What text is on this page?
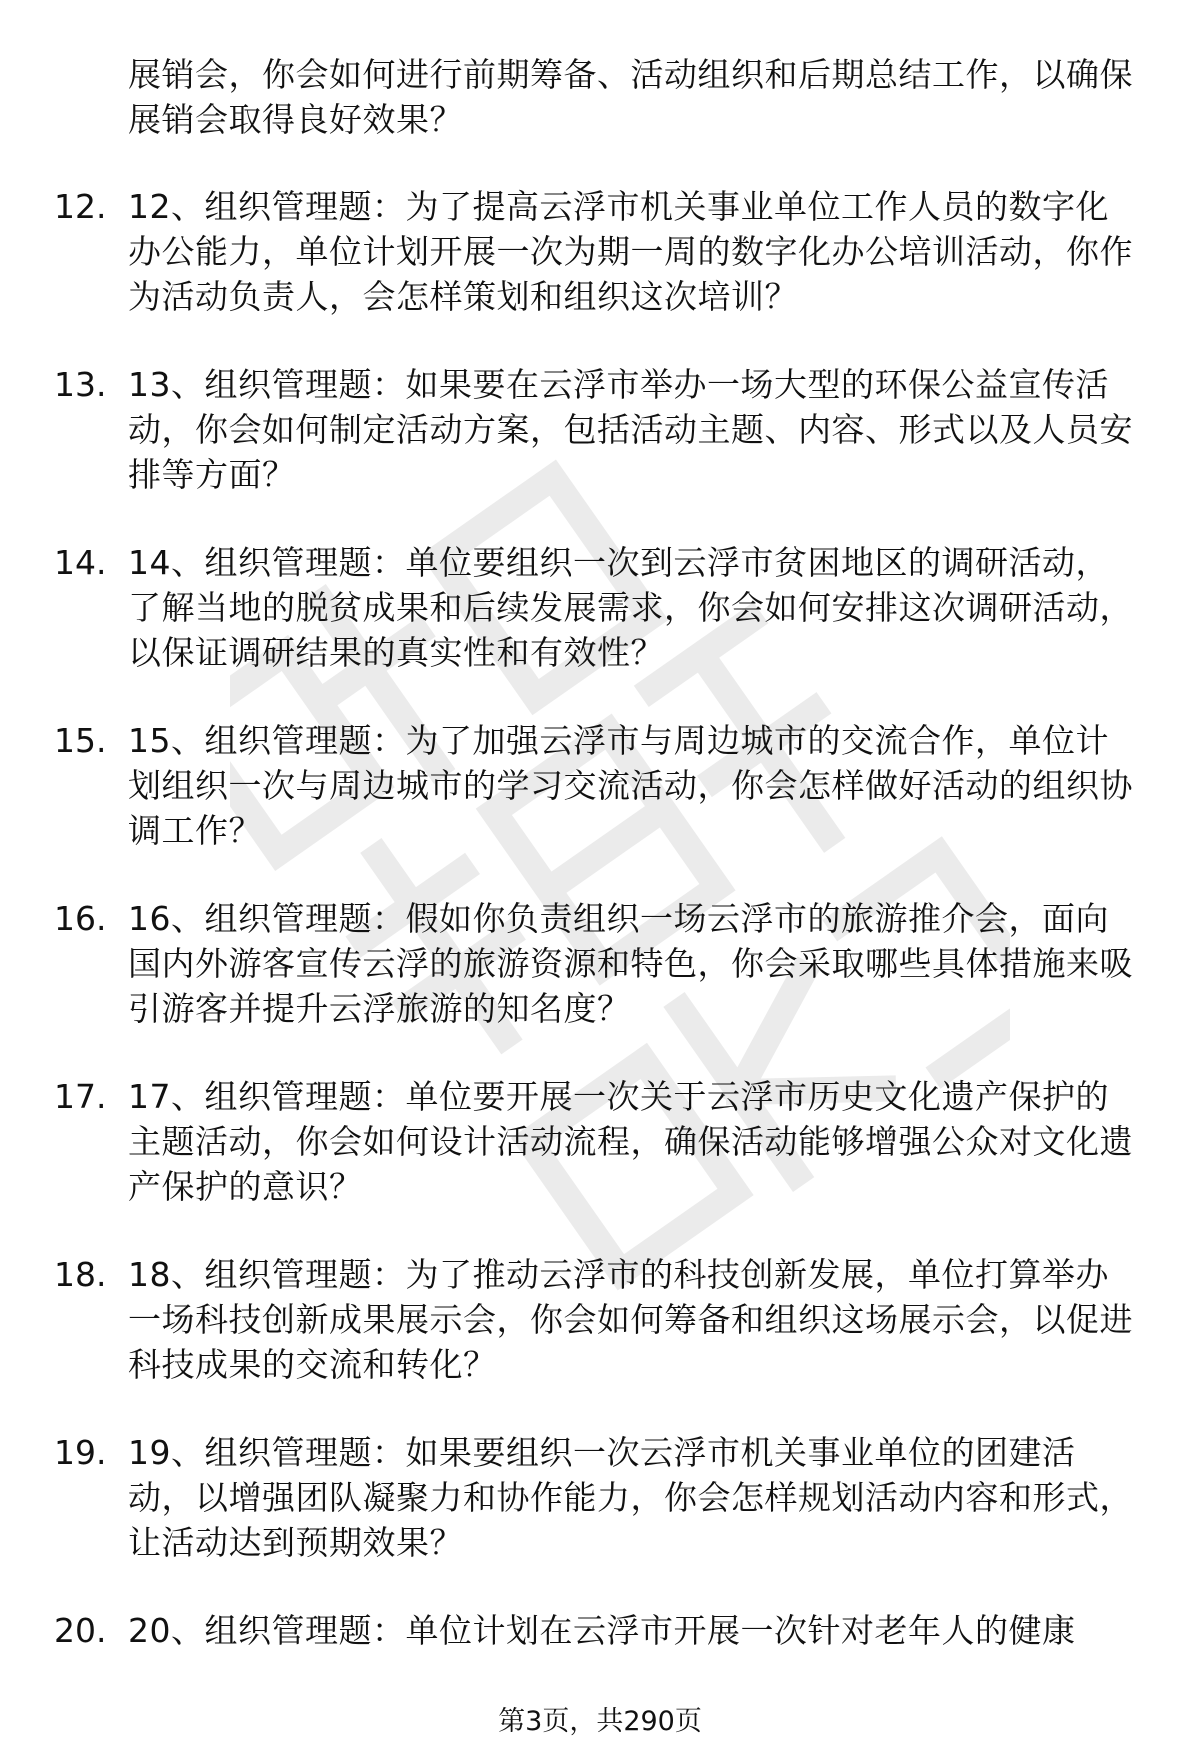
展销会，你会如何进行前期筹备、活动组织和后期总结工作，以确保展销会取得良好效果？
12. 12、组织管理题：为了提高云浮市机关事业单位工作人员的数字化办公能力，单位计划开展一次为期一周的数字化办公培训活动，你作为活动负责人，会怎样策划和组织这次培训？
13. 13、组织管理题：如果要在云浮市举办一场大型的环保公益宣传活动，你会如何制定活动方案，包括活动主题、内容、形式以及人员安排等方面？
14. 14、组织管理题：单位要组织一次到云浮市贫困地区的调研活动，了解当地的脱贫成果和后续发展需求，你会如何安排这次调研活动，以保证调研结果的真实性和有效性？
15. 15、组织管理题：为了加强云浮市与周边城市的交流合作，单位计划组织一次与周边城市的学习交流活动，你会怎样做好活动的组织协调工作？
16. 16、组织管理题：假如你负责组织一场云浮市的旅游推介会，面向国内外游客宣传云浮的旅游资源和特色，你会采取哪些具体措施来吸引游客并提升云浮旅游的知名度？
17. 17、组织管理题：单位要开展一次关于云浮市历史文化遗产保护的主题活动，你会如何设计活动流程，确保活动能够增强公众对文化遗产保护的意识？
18. 18、组织管理题：为了推动云浮市的科技创新发展，单位打算举办一场科技创新成果展示会，你会如何筹备和组织这场展示会，以促进科技成果的交流和转化？
19. 19、组织管理题：如果要组织一次云浮市机关事业单位的团建活动，以增强团队凝聚力和协作能力，你会怎样规划活动内容和形式，让活动达到预期效果？
20. 20、组织管理题：单位计划在云浮市开展一次针对老年人的健康
第3页，共290页
